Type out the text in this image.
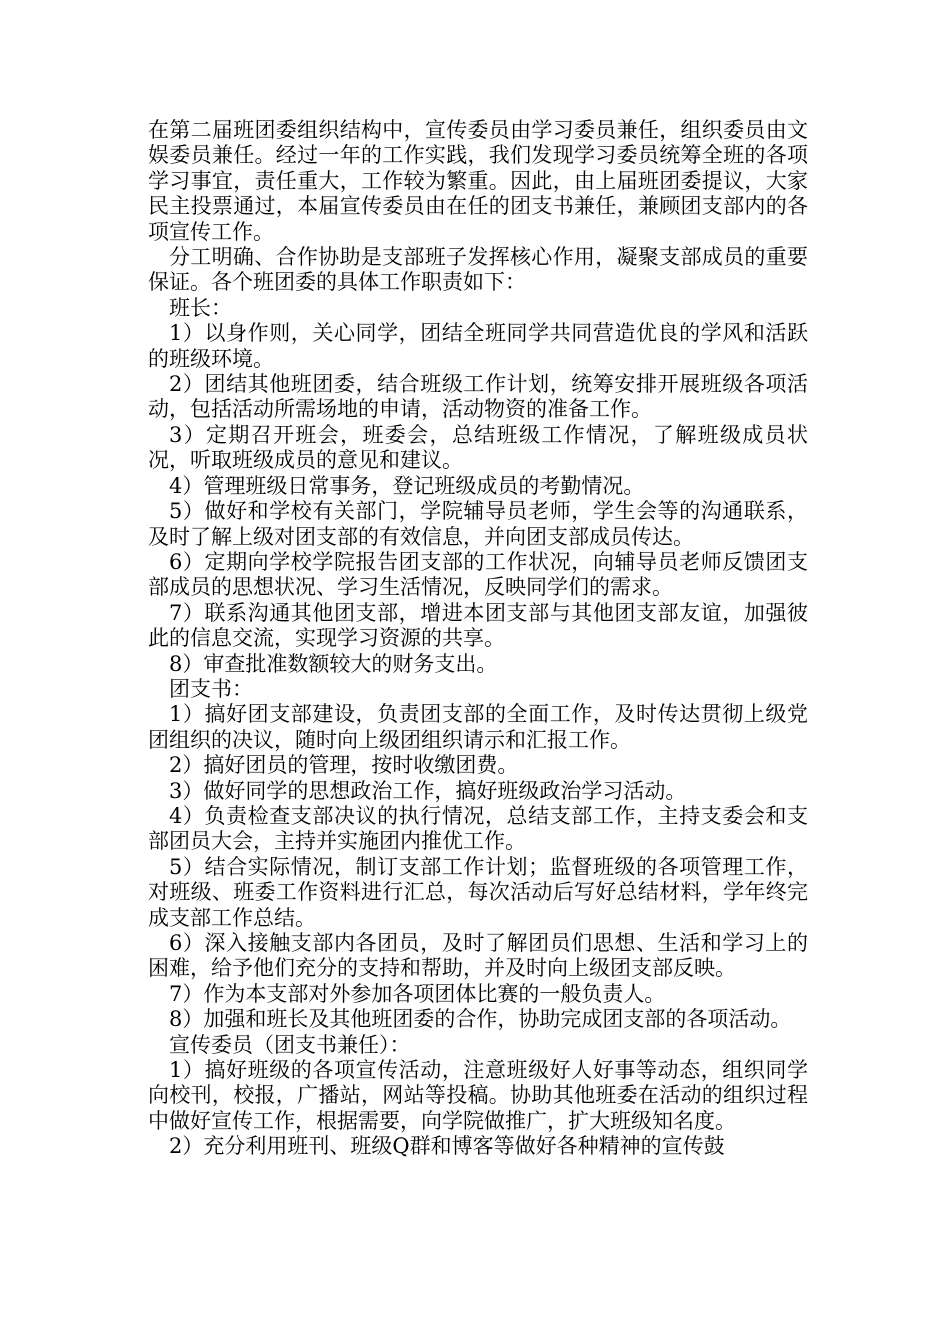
在第二届班团委组织结构中，宣传委员由学习委员兼任，组织委员由文娱委员兼任。经过一年的工作实践，我们发现学习委员统筹全班的各项学习事宜，责任重大，工作较为繁重。因此，由上届班团委提议，大家民主投票通过，本届宣传委员由在任的团支书兼任，兼顾团支部内的各项宣传工作。

分工明确、合作协助是支部班子发挥核心作用，凝聚支部成员的重要保证。各个班团委的具体工作职责如下：

班长：

1）以身作则，关心同学，团结全班同学共同营造优良的学风和活跃的班级环境。

2）团结其他班团委，结合班级工作计划，统筹安排开展班级各项活动，包括活动所需场地的申请，活动物资的准备工作。

3）定期召开班会，班委会，总结班级工作情况，了解班级成员状况，听取班级成员的意见和建议。

4）管理班级日常事务，登记班级成员的考勤情况。

5）做好和学校有关部门，学院辅导员老师，学生会等的沟通联系，及时了解上级对团支部的有效信息，并向团支部成员传达。

6）定期向学校学院报告团支部的工作状况，向辅导员老师反馈团支部成员的思想状况、学习生活情况，反映同学们的需求。

7）联系沟通其他团支部，增进本团支部与其他团支部友谊，加强彼此的信息交流，实现学习资源的共享。

8）审查批准数额较大的财务支出。

团支书：

1）搞好团支部建设，负责团支部的全面工作，及时传达贯彻上级党团组织的决议，随时向上级团组织请示和汇报工作。

2）搞好团员的管理，按时收缴团费。

3）做好同学的思想政治工作，搞好班级政治学习活动。

4）负责检查支部决议的执行情况，总结支部工作，主持支委会和支部团员大会，主持并实施团内推优工作。

5）结合实际情况，制订支部工作计划；监督班级的各项管理工作，对班级、班委工作资料进行汇总，每次活动后写好总结材料，学年终完成支部工作总结。

6）深入接触支部内各团员，及时了解团员们思想、生活和学习上的困难，给予他们充分的支持和帮助，并及时向上级团支部反映。

7）作为本支部对外参加各项团体比赛的一般负责人。

8）加强和班长及其他班团委的合作，协助完成团支部的各项活动。

宣传委员（团支书兼任）：

1）搞好班级的各项宣传活动，注意班级好人好事等动态，组织同学向校刊，校报，广播站，网站等投稿。协助其他班委在活动的组织过程中做好宣传工作，根据需要，向学院做推广，扩大班级知名度。

2）充分利用班刊、班级Q群和博客等做好各种精神的宣传鼓
